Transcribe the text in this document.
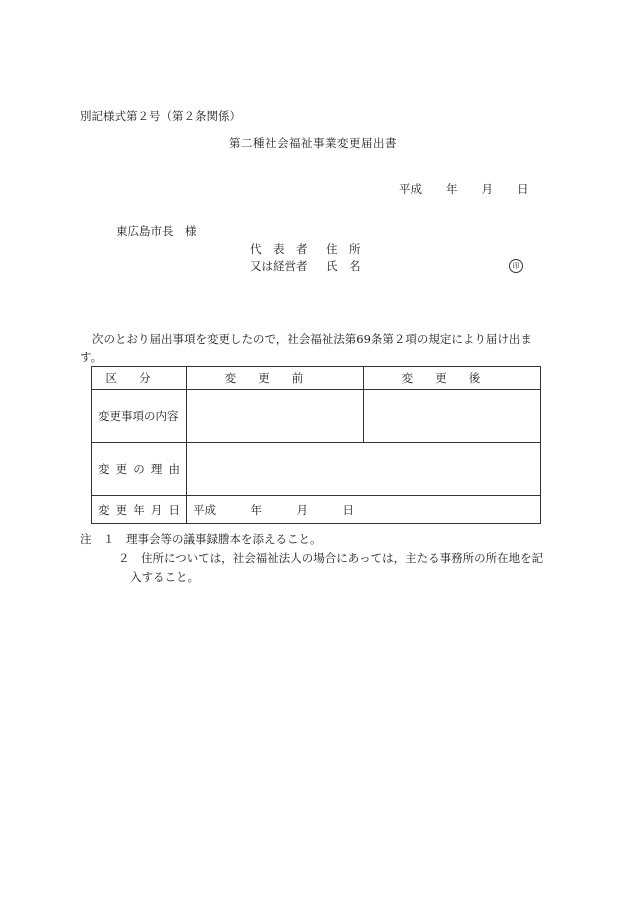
別記様式第２号（第２条関係）
第二種社会福祉事業変更届出書
平成 年 月 日
東広島市長　様
代　表　者 住　所
又は経営者 氏　名	印
次のとおり届出事項を変更したので，社会福祉法第69条第２項の規定により届け出ます。
区分	変更前	変更後
変更事項の内容		
変更の理由		
変更年月日	平成　　　年　　　月　　　日	
注　１　理事会等の議事録謄本を添えること。
２　住所については，社会福祉法人の場合にあっては，主たる事務所の所在地を記
入すること。
